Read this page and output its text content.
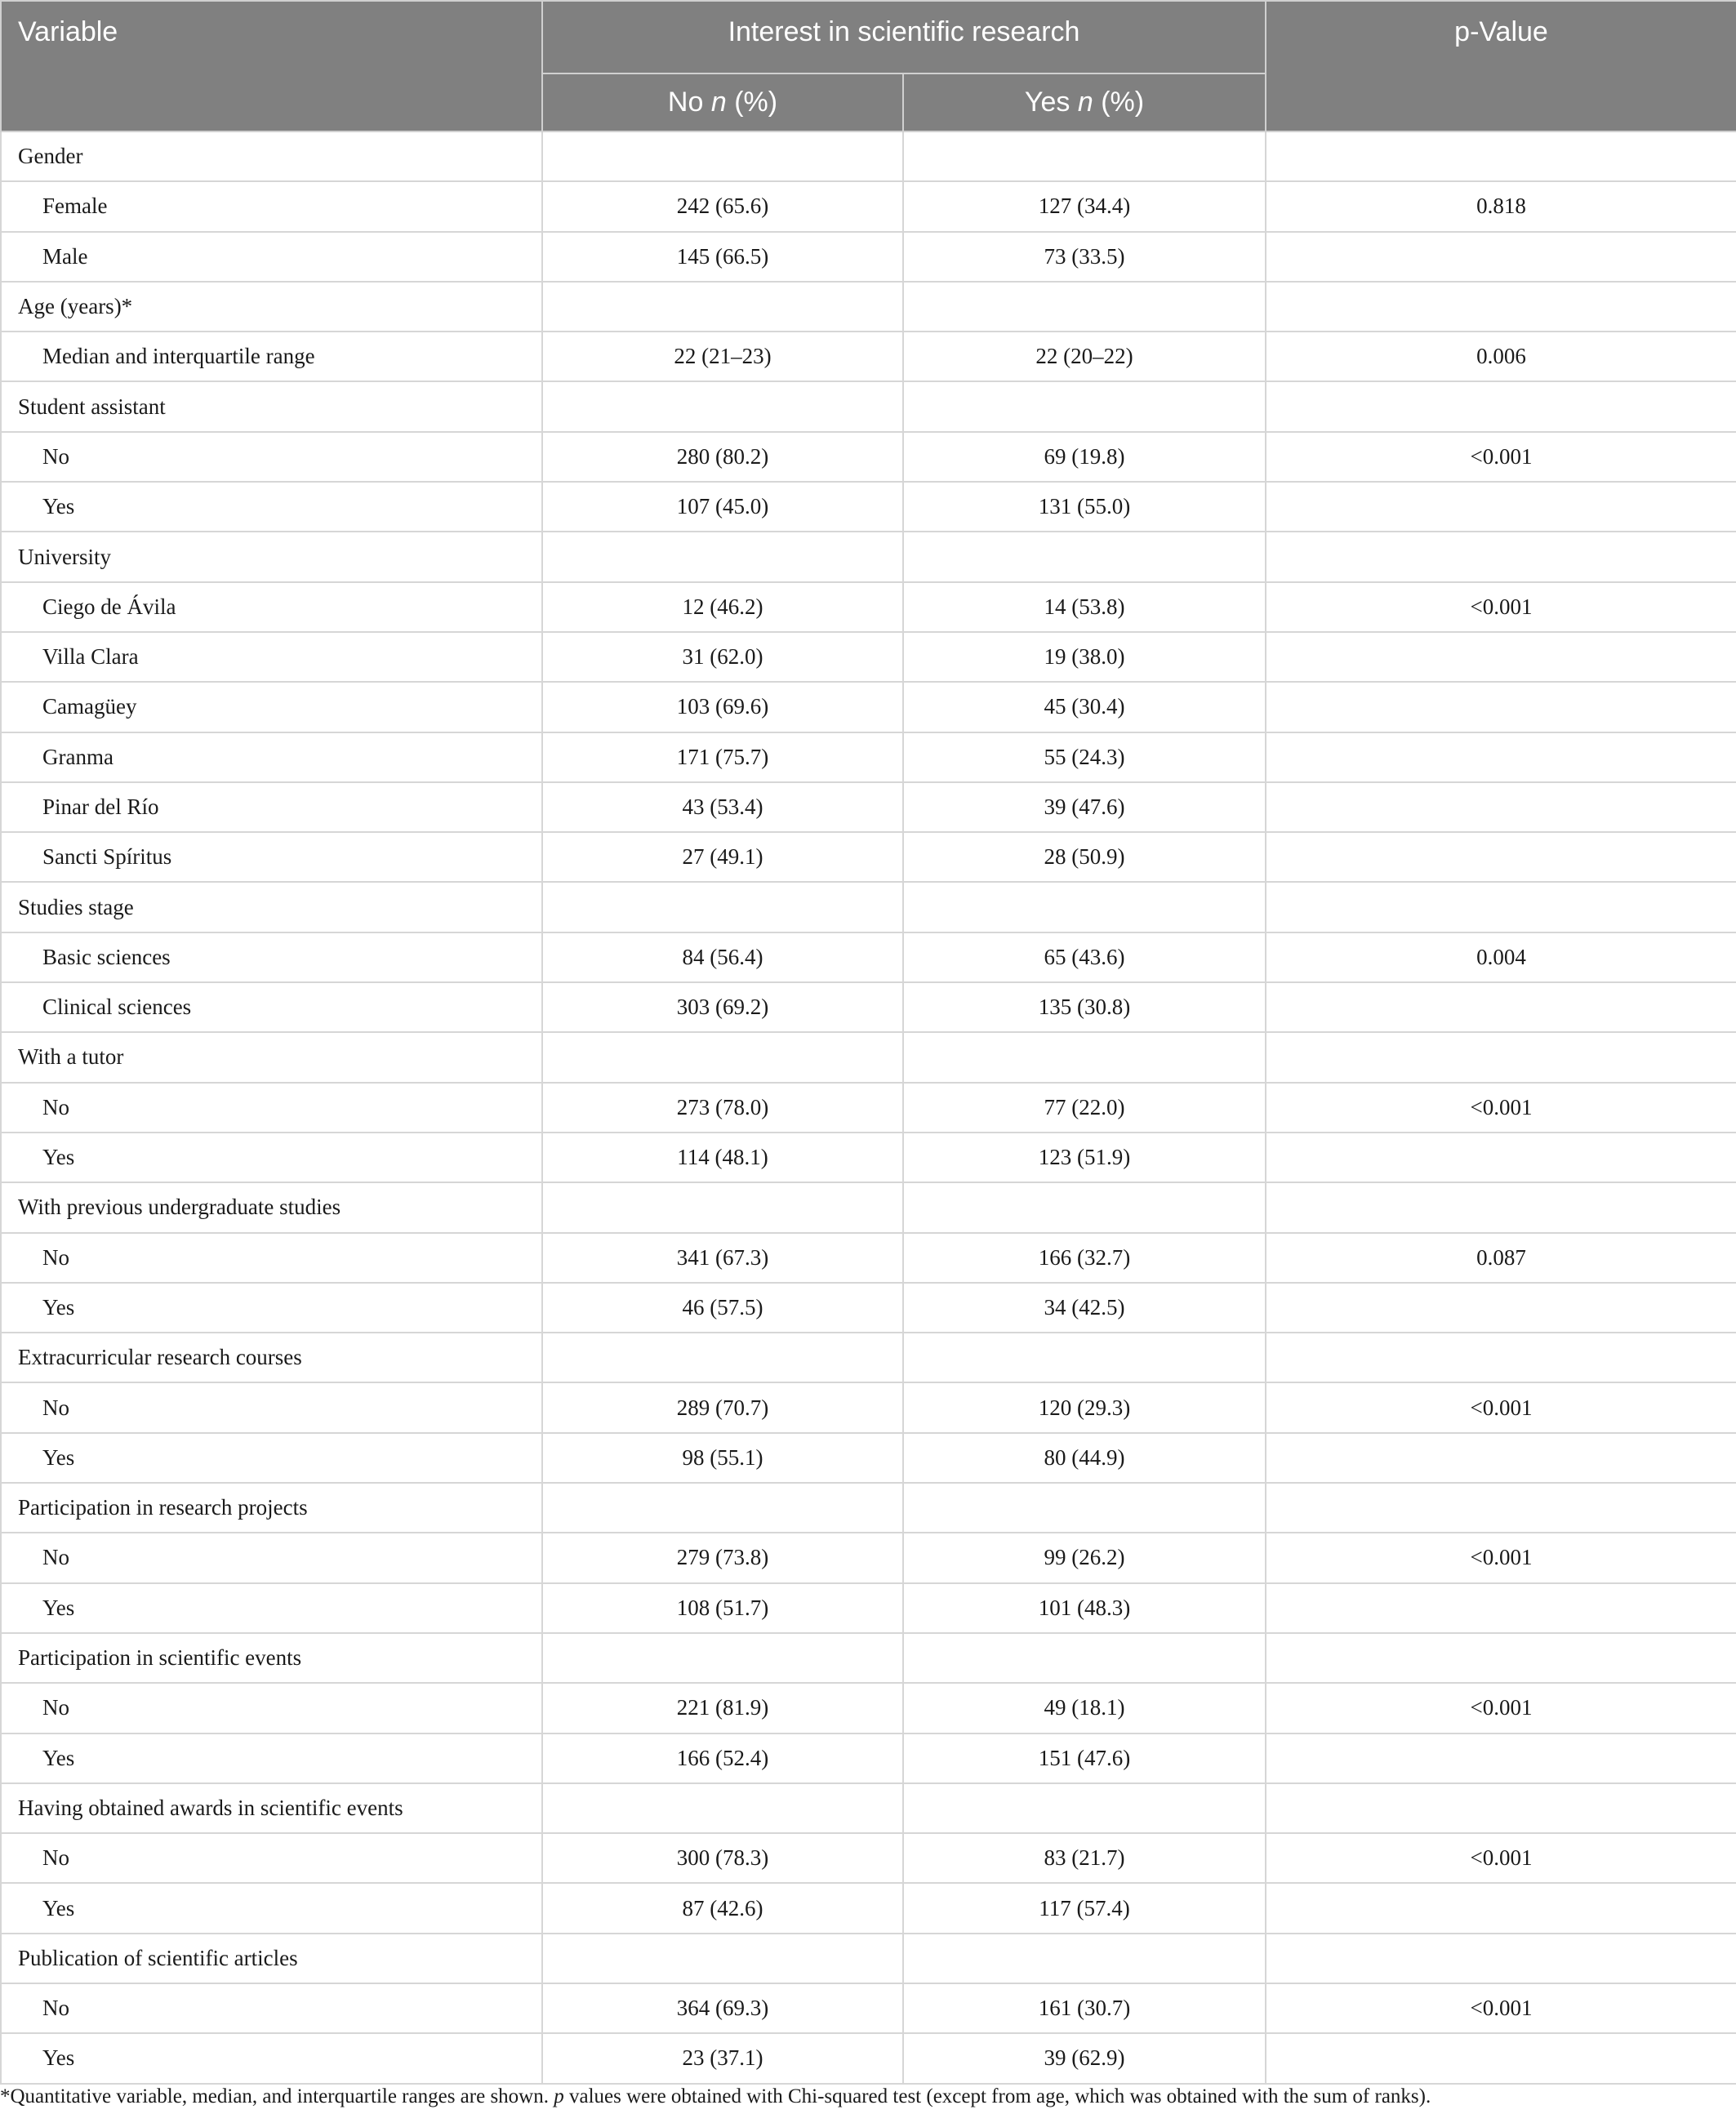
Variable	Interest in scientific research		p-Value
	No n (%)	Yes n (%)	
Gender			
Female	242 (65.6)	127 (34.4)	0.818
Male	145 (66.5)	73 (33.5)	
Age (years)*			
Median and interquartile range	22 (21–23)	22 (20–22)	0.006
Student assistant			
No	280 (80.2)	69 (19.8)	<0.001
Yes	107 (45.0)	131 (55.0)	
University			
Ciego de Ávila	12 (46.2)	14 (53.8)	<0.001
Villa Clara	31 (62.0)	19 (38.0)	
Camagüey	103 (69.6)	45 (30.4)	
Granma	171 (75.7)	55 (24.3)	
Pinar del Río	43 (53.4)	39 (47.6)	
Sancti Spíritus	27 (49.1)	28 (50.9)	
Studies stage			
Basic sciences	84 (56.4)	65 (43.6)	0.004
Clinical sciences	303 (69.2)	135 (30.8)	
With a tutor			
No	273 (78.0)	77 (22.0)	<0.001
Yes	114 (48.1)	123 (51.9)	
With previous undergraduate studies			
No	341 (67.3)	166 (32.7)	0.087
Yes	46 (57.5)	34 (42.5)	
Extracurricular research courses			
No	289 (70.7)	120 (29.3)	<0.001
Yes	98 (55.1)	80 (44.9)	
Participation in research projects			
No	279 (73.8)	99 (26.2)	<0.001
Yes	108 (51.7)	101 (48.3)	
Participation in scientific events			
No	221 (81.9)	49 (18.1)	<0.001
Yes	166 (52.4)	151 (47.6)	
Having obtained awards in scientific events			
No	300 (78.3)	83 (21.7)	<0.001
Yes	87 (42.6)	117 (57.4)	
Publication of scientific articles			
No	364 (69.3)	161 (30.7)	<0.001
Yes	23 (37.1)	39 (62.9)	
*Quantitative variable, median, and interquartile ranges are shown. p values were obtained with Chi-squared test (except from age, which was obtained with the sum of ranks).
